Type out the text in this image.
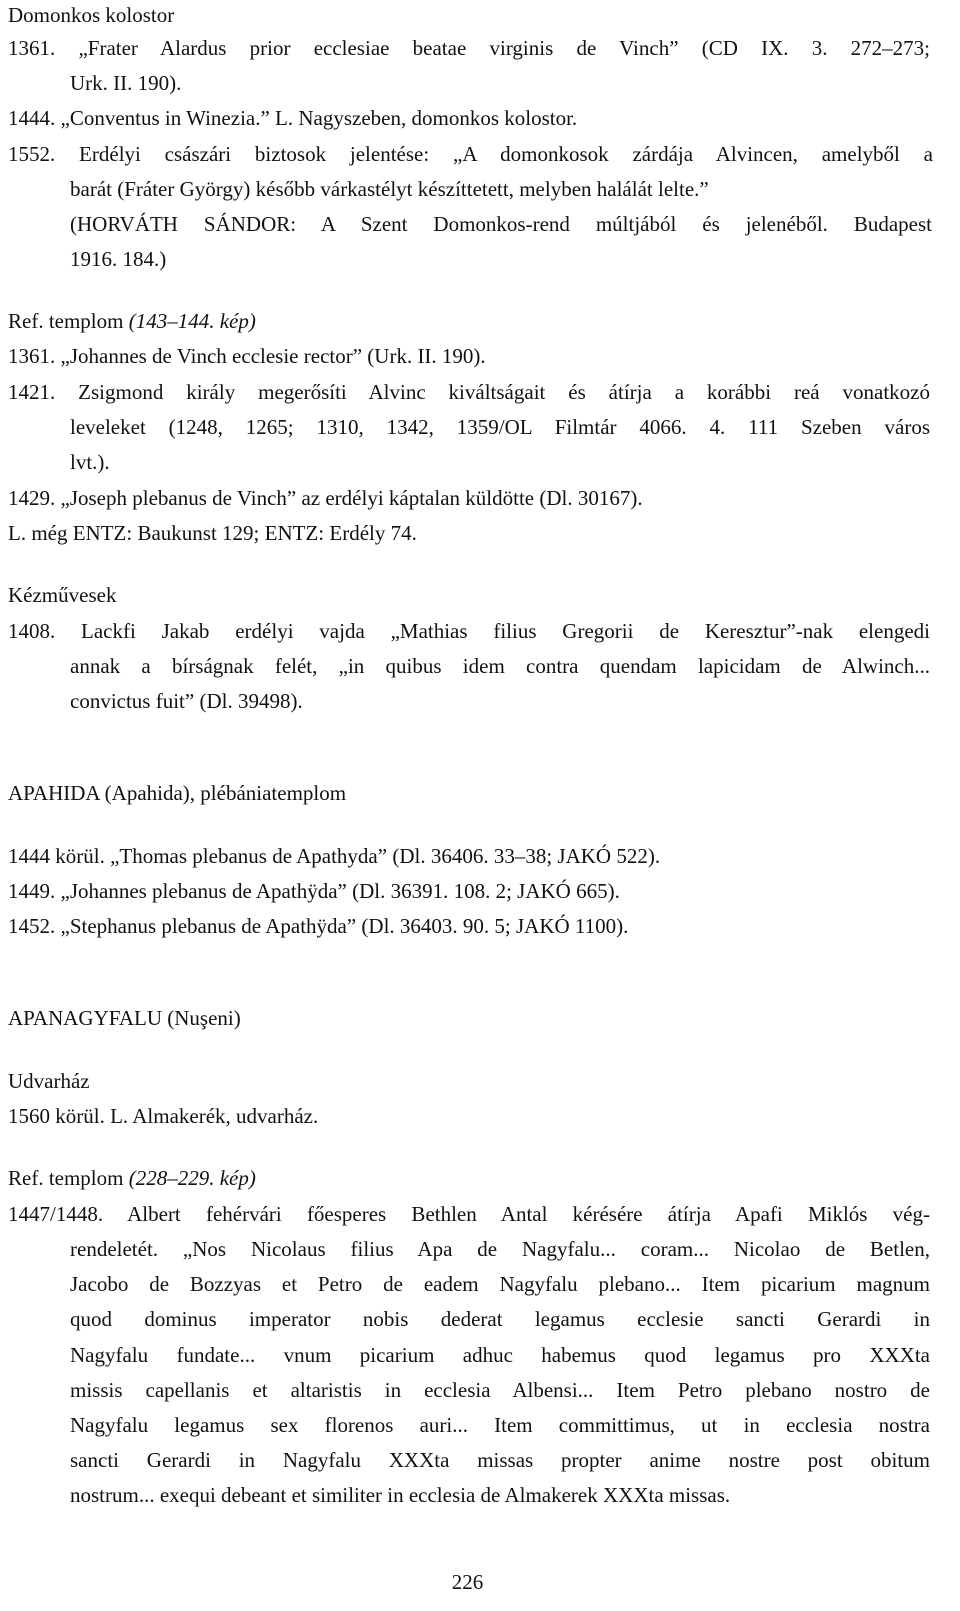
Domonkos kolostor
1361. „Frater Alardus prior ecclesiae beatae virginis de Vinch” (CD IX. 3. 272–273;
Urk. II. 190).
1444. „Conventus in Winezia.” L. Nagyszeben, domonkos kolostor.
1552. Erdélyi császári biztosok jelentése: „A domonkosok zárdája Alvincen, amelyből a
barát (Fráter György) később várkastélyt készíttetett, melyben halálát lelte.”
(HORVÁTH SÁNDOR: A Szent Domonkos-rend múltjából és jelenéből. Budapest
1916. 184.)
Ref. templom (143–144. kép)
1361. „Johannes de Vinch ecclesie rector” (Urk. II. 190).
1421. Zsigmond király megerősíti Alvinc kiváltságait és átírja a korábbi reá vonatkozó
leveleket (1248, 1265; 1310, 1342, 1359/OL Filmtár 4066. 4. 111 Szeben város
lvt.).
1429. „Joseph plebanus de Vinch” az erdélyi káptalan küldötte (Dl. 30167).
L. még ENTZ: Baukunst 129; ENTZ: Erdély 74.
Kézművesek
1408. Lackfi Jakab erdélyi vajda „Mathias filius Gregorii de Keresztur”-nak elengedi
annak a bírságnak felét, „in quibus idem contra quendam lapicidam de Alwinch...
convictus fuit” (Dl. 39498).
APAHIDA (Apahida), plébániatemplom
1444 körül. „Thomas plebanus de Apathyda” (Dl. 36406. 33–38; JAKÓ 522).
1449. „Johannes plebanus de Apathÿda” (Dl. 36391. 108. 2; JAKÓ 665).
1452. „Stephanus plebanus de Apathÿda” (Dl. 36403. 90. 5; JAKÓ 1100).
APANAGYFALU (Nuşeni)
Udvarház
1560 körül. L. Almakerék, udvarház.
Ref. templom (228–229. kép)
1447/1448. Albert fehérvári főesperes Bethlen Antal kérésére átírja Apafi Miklós vég-
rendeletét. „Nos Nicolaus filius Apa de Nagyfalu... coram... Nicolao de Betlen,
Jacobo de Bozzyas et Petro de eadem Nagyfalu plebano... Item picarium magnum
quod dominus imperator nobis dederat legamus ecclesie sancti Gerardi in
Nagyfalu fundate... vnum picarium adhuc habemus quod legamus pro XXXta
missis capellanis et altaristis in ecclesia Albensi... Item Petro plebano nostro de
Nagyfalu legamus sex florenos auri... Item committimus, ut in ecclesia nostra
sancti Gerardi in Nagyfalu XXXta missas propter anime nostre post obitum
nostrum... exequi debeant et similiter in ecclesia de Almakerek XXXta missas.
226
